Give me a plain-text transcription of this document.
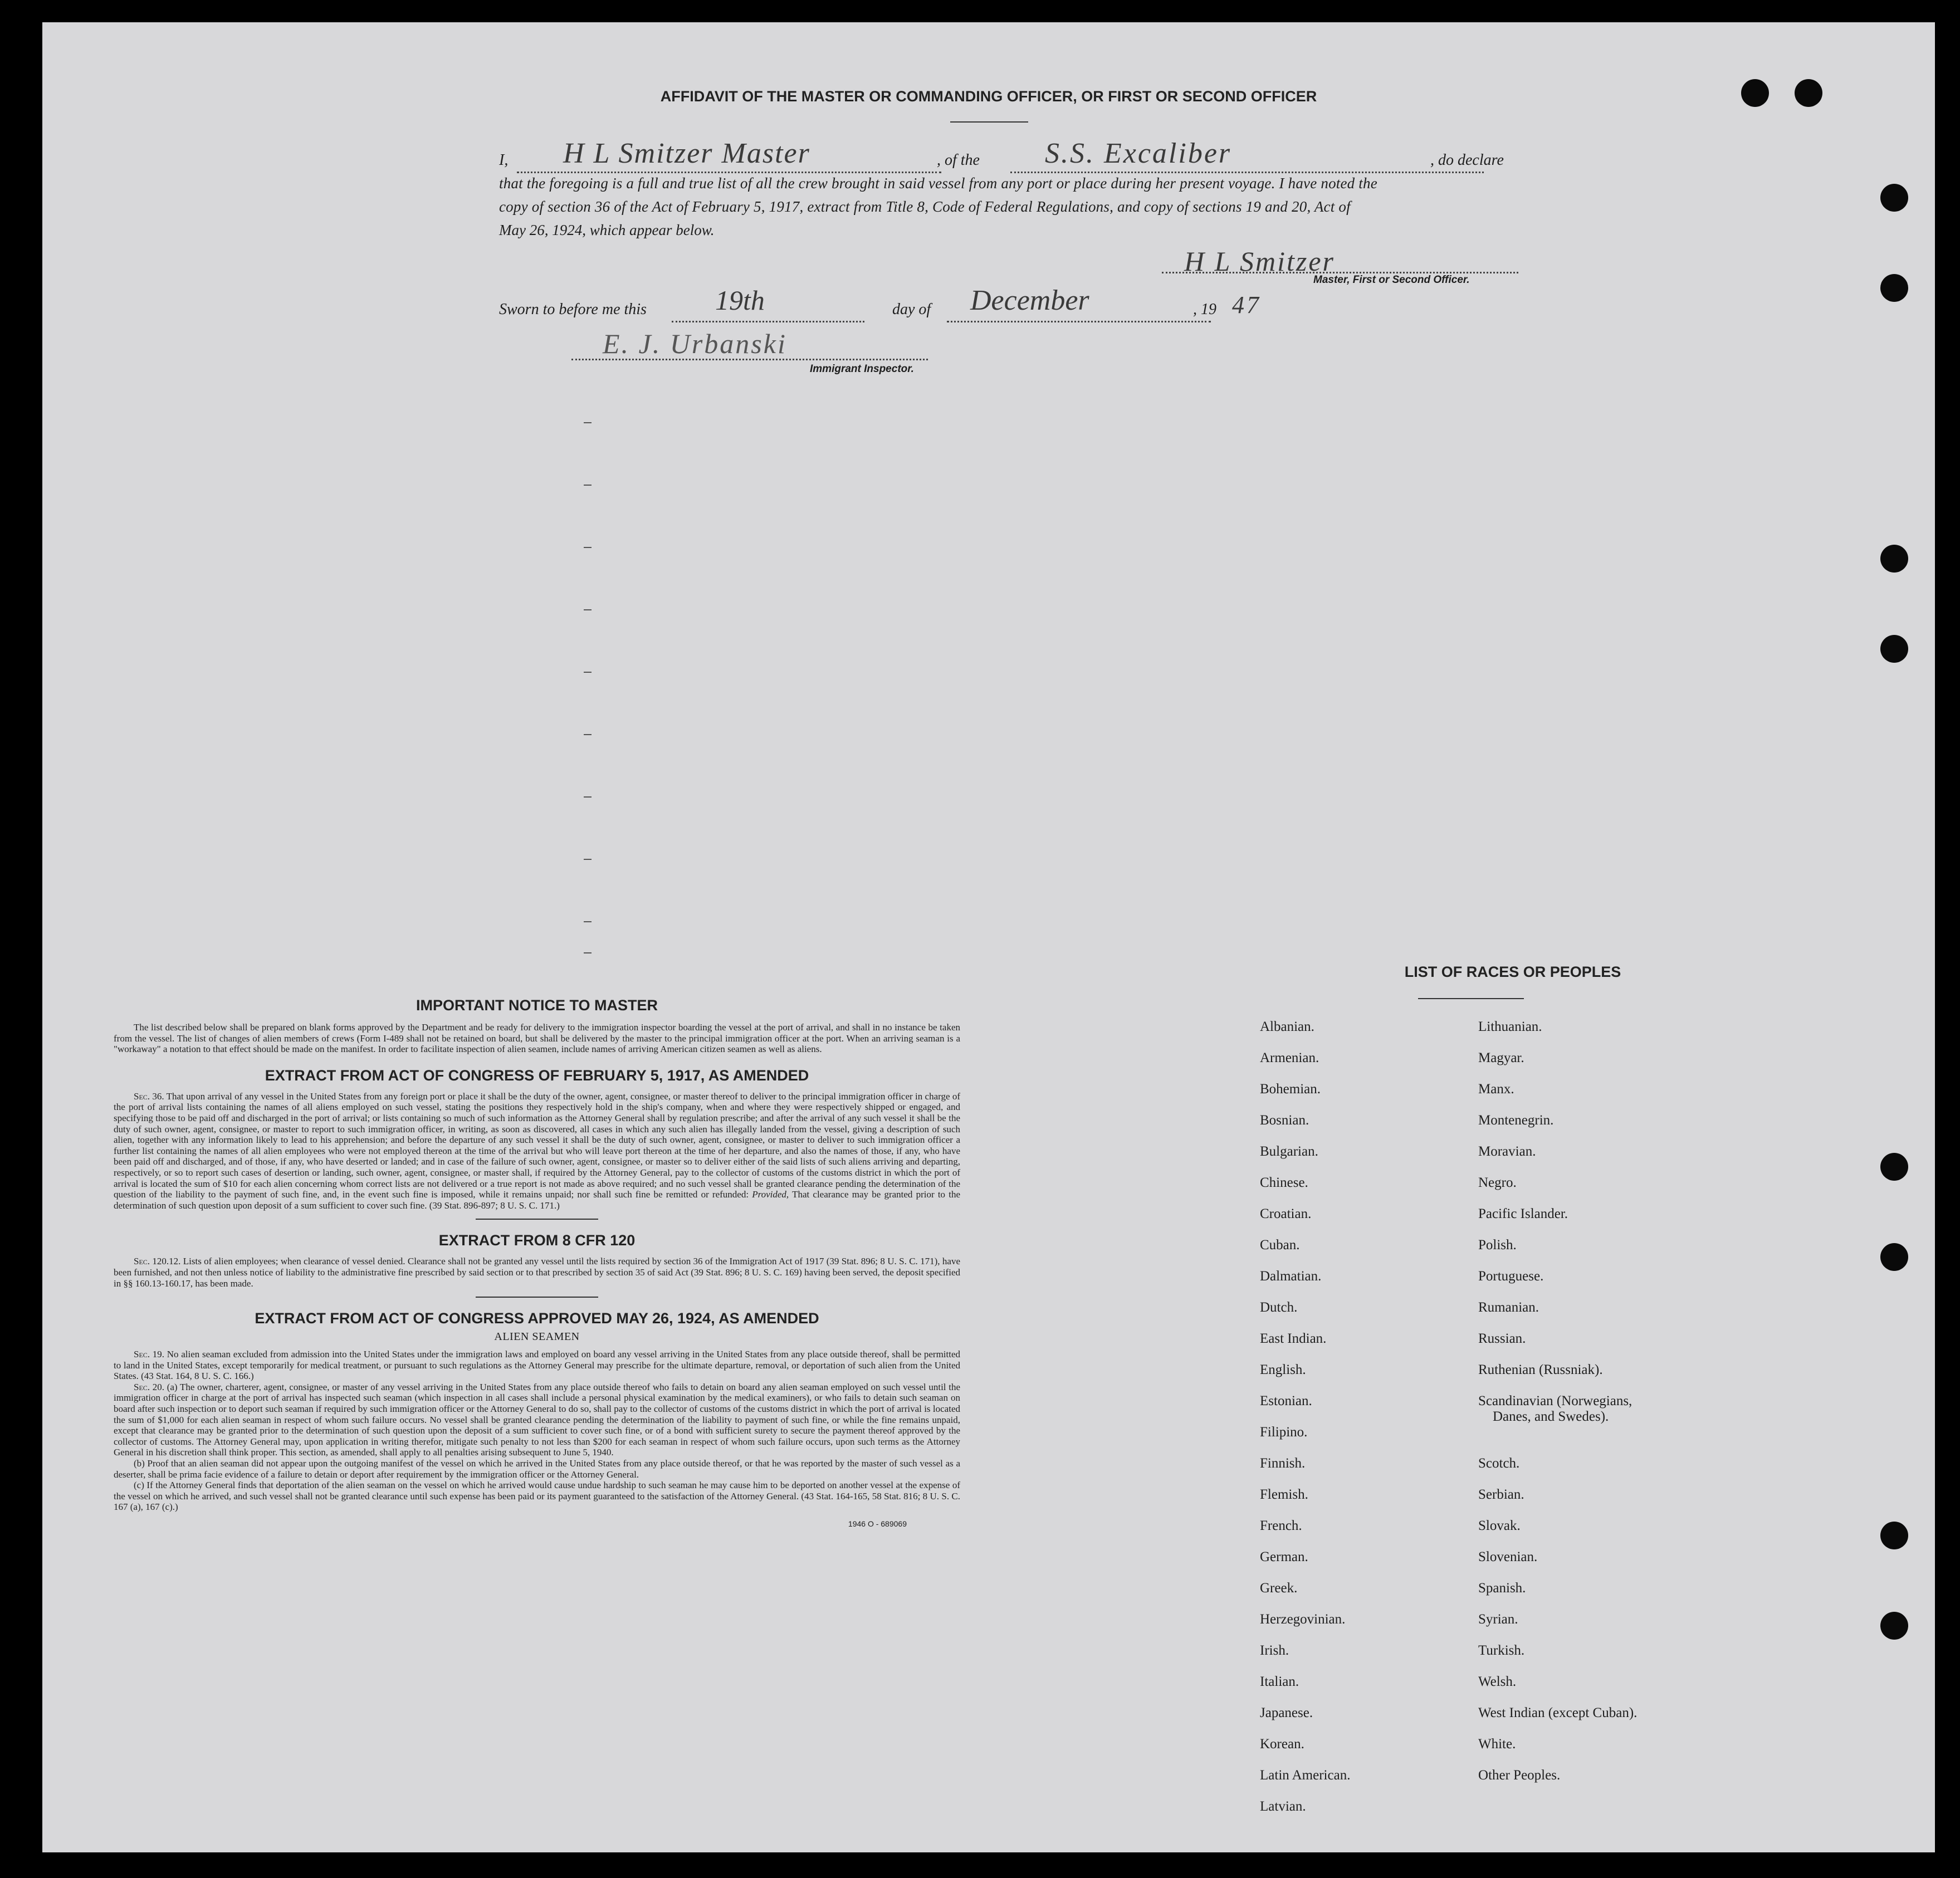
AFFIDAVIT OF THE MASTER OR COMMANDING OFFICER, OR FIRST OR SECOND OFFICER
I, H L Smitzer Master	, of the S.S. Excaliber	, do declare
that the foregoing is a full and true list of all the crew brought in said vessel from any port or place during her present voyage. I have noted the
copy of section 36 of the Act of February 5, 1917, extract from Title 8, Code of Federal Regulations, and copy of sections 19 and 20, Act of
May 26, 1924, which appear below.
H L Smitzer
Master, First or Second Officer.
Sworn to before me this 19th	day of December	, 19 47
E. J. Urbanski
Immigrant Inspector.
IMPORTANT NOTICE TO MASTER

The list described below shall be prepared on blank forms approved by the Department and be ready for delivery to the immigration inspector boarding the vessel at the port of arrival, and shall in no instance be taken from the vessel. The list of changes of alien members of crews (Form I-489 shall not be retained on board, but shall be delivered by the master to the principal immigration officer at the port. When an arriving seaman is a "workaway" a notation to that effect should be made on the manifest. In order to facilitate inspection of alien seamen, include names of arriving American citizen seamen as well as aliens.

EXTRACT FROM ACT OF CONGRESS OF FEBRUARY 5, 1917, AS AMENDED

Sec. 36. That upon arrival of any vessel in the United States from any foreign port or place it shall be the duty of the owner, agent, consignee, or master thereof to deliver to the principal immigration officer in charge of the port of arrival lists containing the names of all aliens employed on such vessel, stating the positions they respectively hold in the ship's company, when and where they were respectively shipped or engaged, and specifying those to be paid off and discharged in the port of arrival; or lists containing so much of such information as the Attorney General shall by regulation prescribe; and after the arrival of any such vessel it shall be the duty of such owner, agent, consignee, or master to report to such immigration officer, in writing, as soon as discovered, all cases in which any such alien has illegally landed from the vessel, giving a description of such alien, together with any information likely to lead to his apprehension; and before the departure of any such vessel it shall be the duty of such owner, agent, consignee, or master to deliver to such immigration officer a further list containing the names of all alien employees who were not employed thereon at the time of the arrival but who will leave port thereon at the time of her departure, and also the names of those, if any, who have been paid off and discharged, and of those, if any, who have deserted or landed; and in case of the failure of such owner, agent, consignee, or master so to deliver either of the said lists of such aliens arriving and departing, respectively, or so to report such cases of desertion or landing, such owner, agent, consignee, or master shall, if required by the Attorney General, pay to the collector of customs of the customs district in which the port of arrival is located the sum of $10 for each alien concerning whom correct lists are not delivered or a true report is not made as above required; and no such vessel shall be granted clearance pending the determination of the question of the liability to the payment of such fine, and, in the event such fine is imposed, while it remains unpaid; nor shall such fine be remitted or refunded: Provided, That clearance may be granted prior to the determination of such question upon deposit of a sum sufficient to cover such fine. (39 Stat. 896-897; 8 U. S. C. 171.)

EXTRACT FROM 8 CFR 120

Sec. 120.12. Lists of alien employees; when clearance of vessel denied. Clearance shall not be granted any vessel until the lists required by section 36 of the Immigration Act of 1917 (39 Stat. 896; 8 U. S. C. 171), have been furnished, and not then unless notice of liability to the administrative fine prescribed by said section or to that prescribed by section 35 of said Act (39 Stat. 896; 8 U. S. C. 169) having been served, the deposit specified in §§ 160.13-160.17, has been made.

EXTRACT FROM ACT OF CONGRESS APPROVED MAY 26, 1924, AS AMENDED
ALIEN SEAMEN

Sec. 19. No alien seaman excluded from admission into the United States under the immigration laws and employed on board any vessel arriving in the United States from any place outside thereof, shall be permitted to land in the United States, except temporarily for medical treatment, or pursuant to such regulations as the Attorney General may prescribe for the ultimate departure, removal, or deportation of such alien from the United States. (43 Stat. 164, 8 U. S. C. 166.)

Sec. 20. (a) The owner, charterer, agent, consignee, or master of any vessel arriving in the United States from any place outside thereof who fails to detain on board any alien seaman employed on such vessel until the immigration officer in charge at the port of arrival has inspected such seaman (which inspection in all cases shall include a personal physical examination by the medical examiners), or who fails to detain such seaman on board after such inspection or to deport such seaman if required by such immigration officer or the Attorney General to do so, shall pay to the collector of customs of the customs district in which the port of arrival is located the sum of $1,000 for each alien seaman in respect of whom such failure occurs. No vessel shall be granted clearance pending the determination of the liability to payment of such fine, or while the fine remains unpaid, except that clearance may be granted prior to the determination of such question upon the deposit of a sum sufficient to cover such fine, or of a bond with sufficient surety to secure the payment thereof approved by the collector of customs. The Attorney General may, upon application in writing therefor, mitigate such penalty to not less than $200 for each seaman in respect of whom such failure occurs, upon such terms as the Attorney General in his discretion shall think proper. This section, as amended, shall apply to all penalties arising subsequent to June 5, 1940.

(b) Proof that an alien seaman did not appear upon the outgoing manifest of the vessel on which he arrived in the United States from any place outside thereof, or that he was reported by the master of such vessel as a deserter, shall be prima facie evidence of a failure to detain or deport after requirement by the immigration officer or the Attorney General.

(c) If the Attorney General finds that deportation of the alien seaman on the vessel on which he arrived would cause undue hardship to such seaman he may cause him to be deported on another vessel at the expense of the vessel on which he arrived, and such vessel shall not be granted clearance until such expense has been paid or its payment guaranteed to the satisfaction of the Attorney General. (43 Stat. 164-165, 58 Stat. 816; 8 U. S. C. 167 (a), 167 (c).)

1946 O - 689069
LIST OF RACES OR PEOPLES
Albanian.
Armenian.
Bohemian.
Bosnian.
Bulgarian.
Chinese.
Croatian.
Cuban.
Dalmatian.
Dutch.
East Indian.
English.
Estonian.
Filipino.
Finnish.
Flemish.
French.
German.
Greek.
Herzegovinian.
Irish.
Italian.
Japanese.
Korean.
Latin American.
Latvian.
Lithuanian.
Magyar.
Manx.
Montenegrin.
Moravian.
Negro.
Pacific Islander.
Polish.
Portuguese.
Rumanian.
Russian.
Ruthenian (Russniak).
Scandinavian (Norwegians,
Danes, and Swedes).
Scotch.
Serbian.
Slovak.
Slovenian.
Spanish.
Syrian.
Turkish.
Welsh.
West Indian (except Cuban).
White.
Other Peoples.
